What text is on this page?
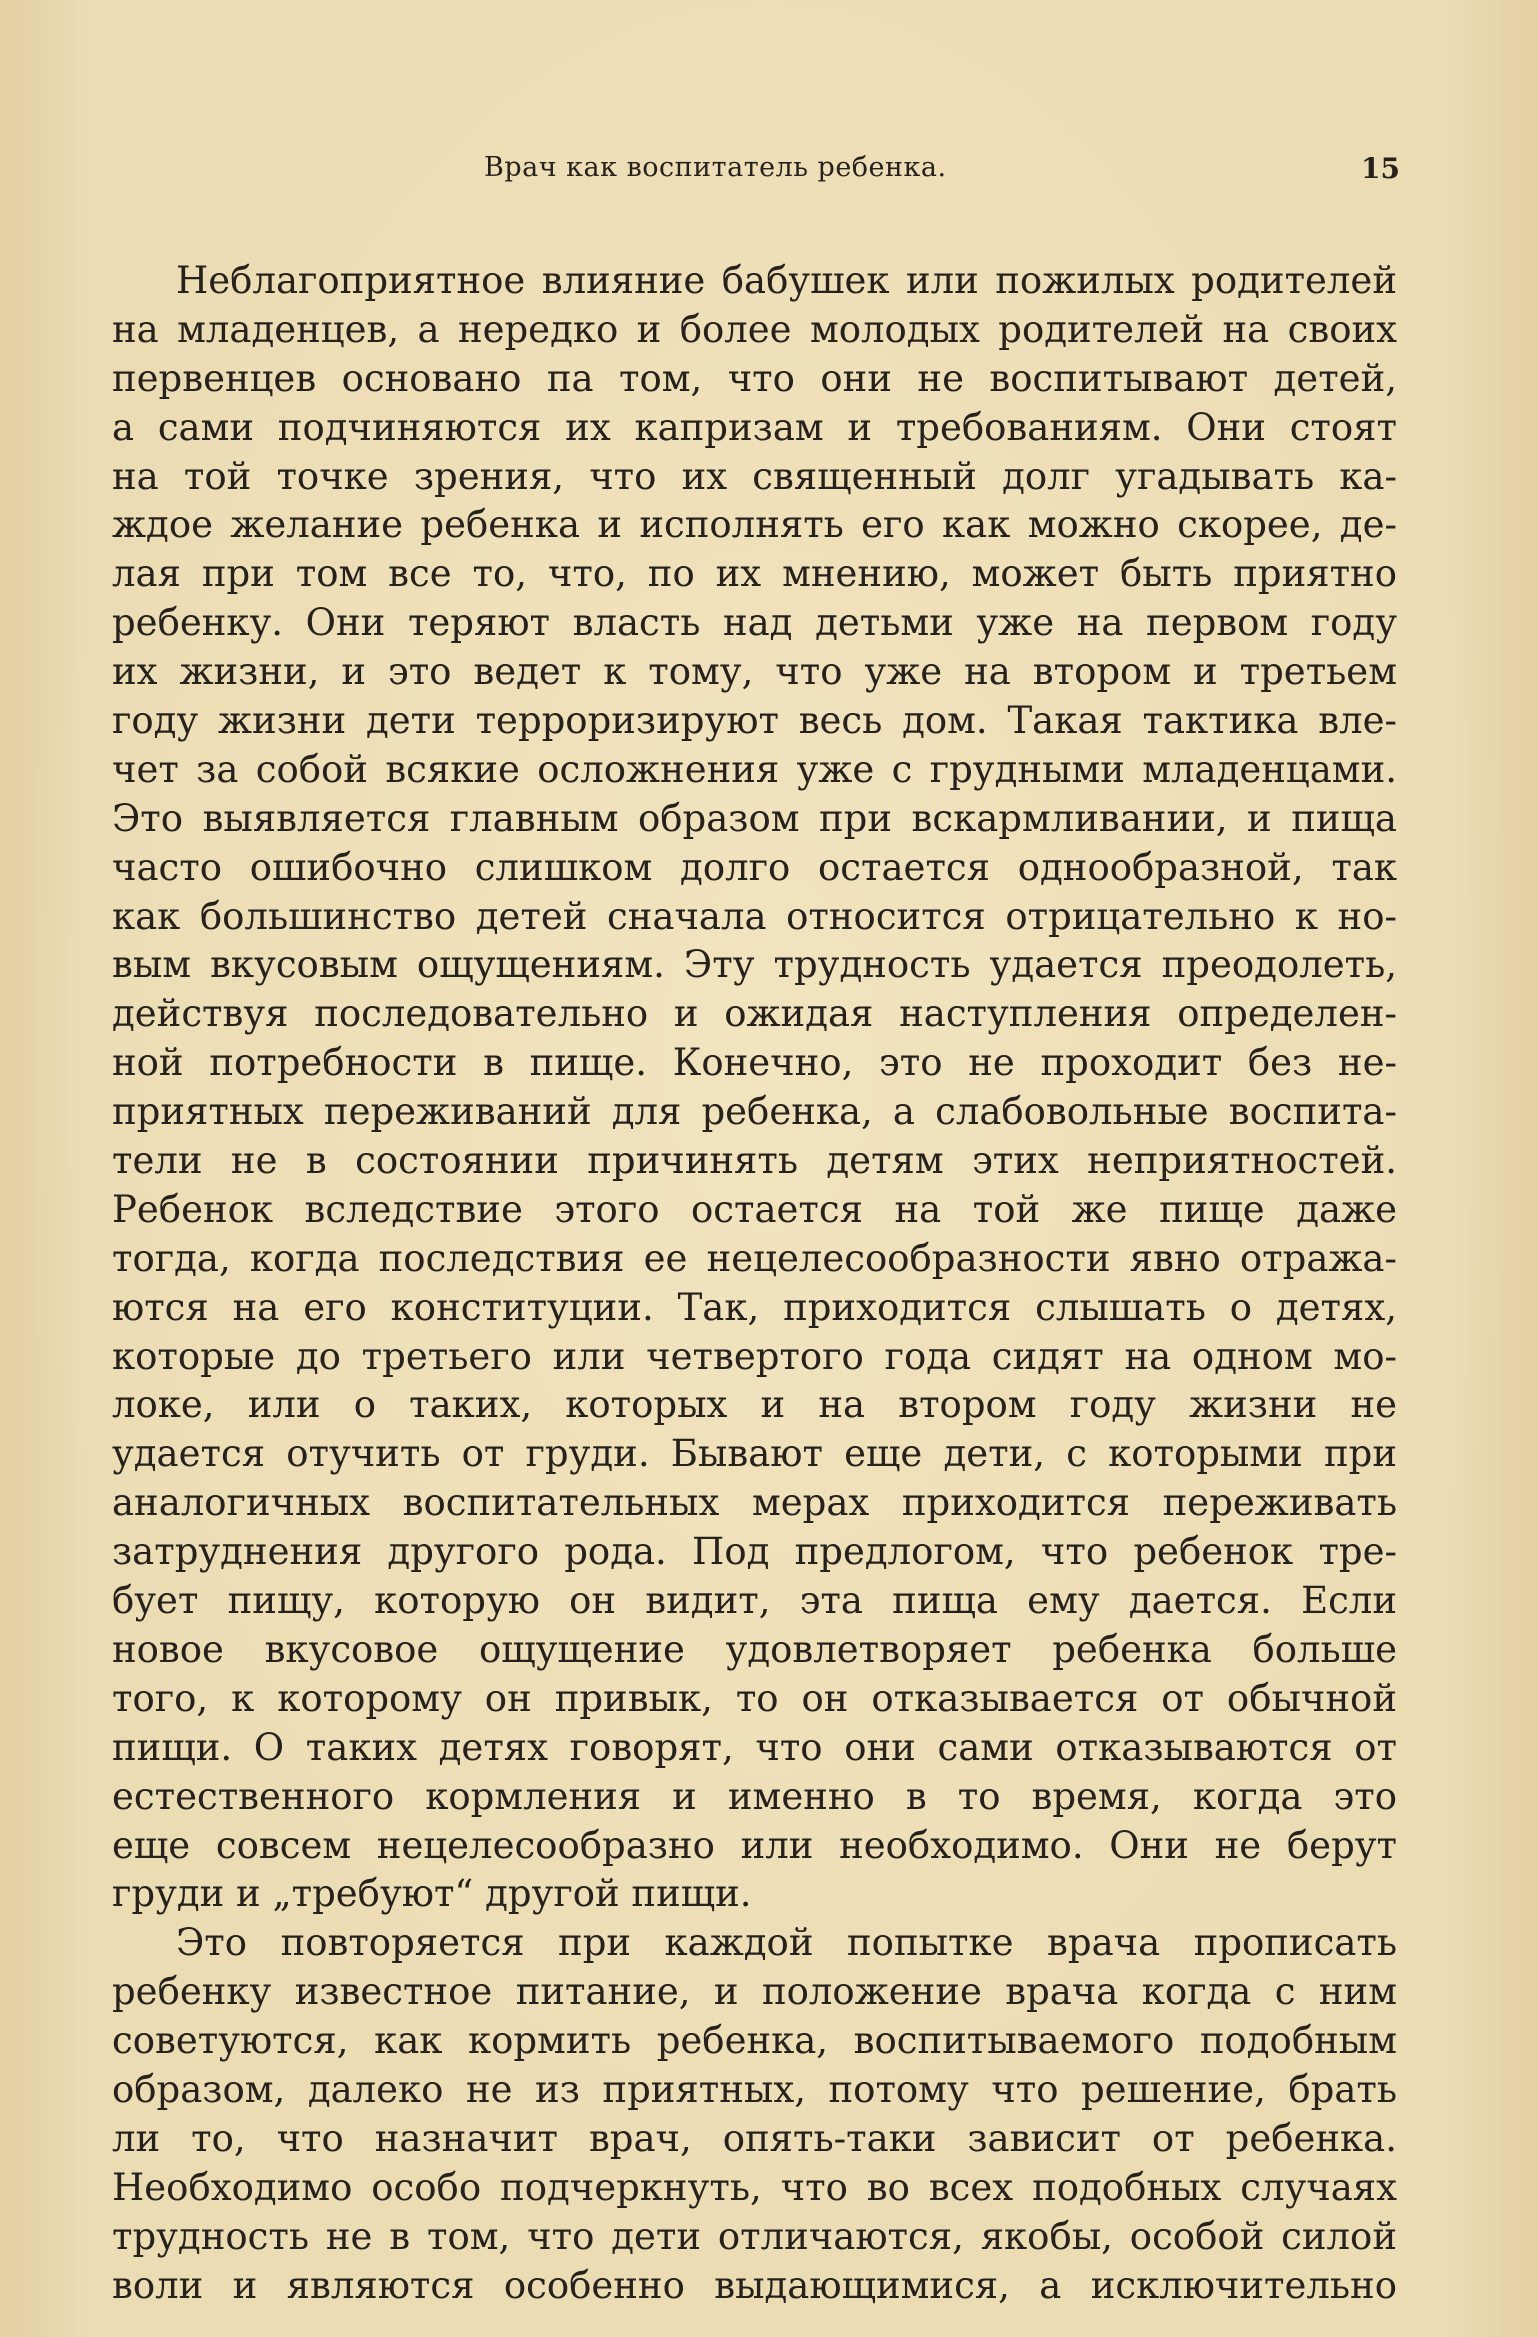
Врач как воспитатель ребенка.	15
Неблагоприятное влияние бабушек или пожилых родителей
на младенцев, а нередко и более молодых родителей на своих
первенцев основано па том, что они не воспитывают детей,
а сами подчиняются их капризам и требованиям. Они стоят
на той точке зрения, что их священный долг угадывать ка-
ждое желание ребенка и исполнять его как можно скорее, де-
лая при том все то, что, по их мнению, может быть приятно
ребенку. Они теряют власть над детьми уже на первом году
их жизни, и это ведет к тому, что уже на втором и третьем
году жизни дети терроризируют весь дом. Такая тактика вле-
чет за собой всякие осложнения уже с грудными младенцами.
Это выявляется главным образом при вскармливании, и пища
часто ошибочно слишком долго остается однообразной, так
как большинство детей сначала относится отрицательно к но-
вым вкусовым ощущениям. Эту трудность удается преодолеть,
действуя последовательно и ожидая наступления определен-
ной потребности в пище. Конечно, это не проходит без не-
приятных переживаний для ребенка, а слабовольные воспита-
тели не в состоянии причинять детям этих неприятностей.
Ребенок вследствие этого остается на той же пище даже
тогда, когда последствия ее нецелесообразности явно отража-
ются на его конституции. Так, приходится слышать о детях,
которые до третьего или четвертого года сидят на одном мо-
локе, или о таких, которых и на втором году жизни не
удается отучить от груди. Бывают еще дети, с которыми при
аналогичных воспитательных мерах приходится переживать
затруднения другого рода. Под предлогом, что ребенок тре-
бует пищу, которую он видит, эта пища ему дается. Если
новое вкусовое ощущение удовлетворяет ребенка больше
того, к которому он привык, то он отказывается от обычной
пищи. О таких детях говорят, что они сами отказываются от
естественного кормления и именно в то время, когда это
еще совсем нецелесообразно или необходимо. Они не берут
груди и „требуют“ другой пищи.
Это повторяется при каждой попытке врача прописать
ребенку известное питание, и положение врача когда с ним
советуются, как кормить ребенка, воспитываемого подобным
образом, далеко не из приятных, потому что решение, брать
ли то, что назначит врач, опять-таки зависит от ребенка.
Необходимо особо подчеркнуть, что во всех подобных случаях
трудность не в том, что дети отличаются, якобы, особой силой
воли и являются особенно выдающимися, а исключительно
